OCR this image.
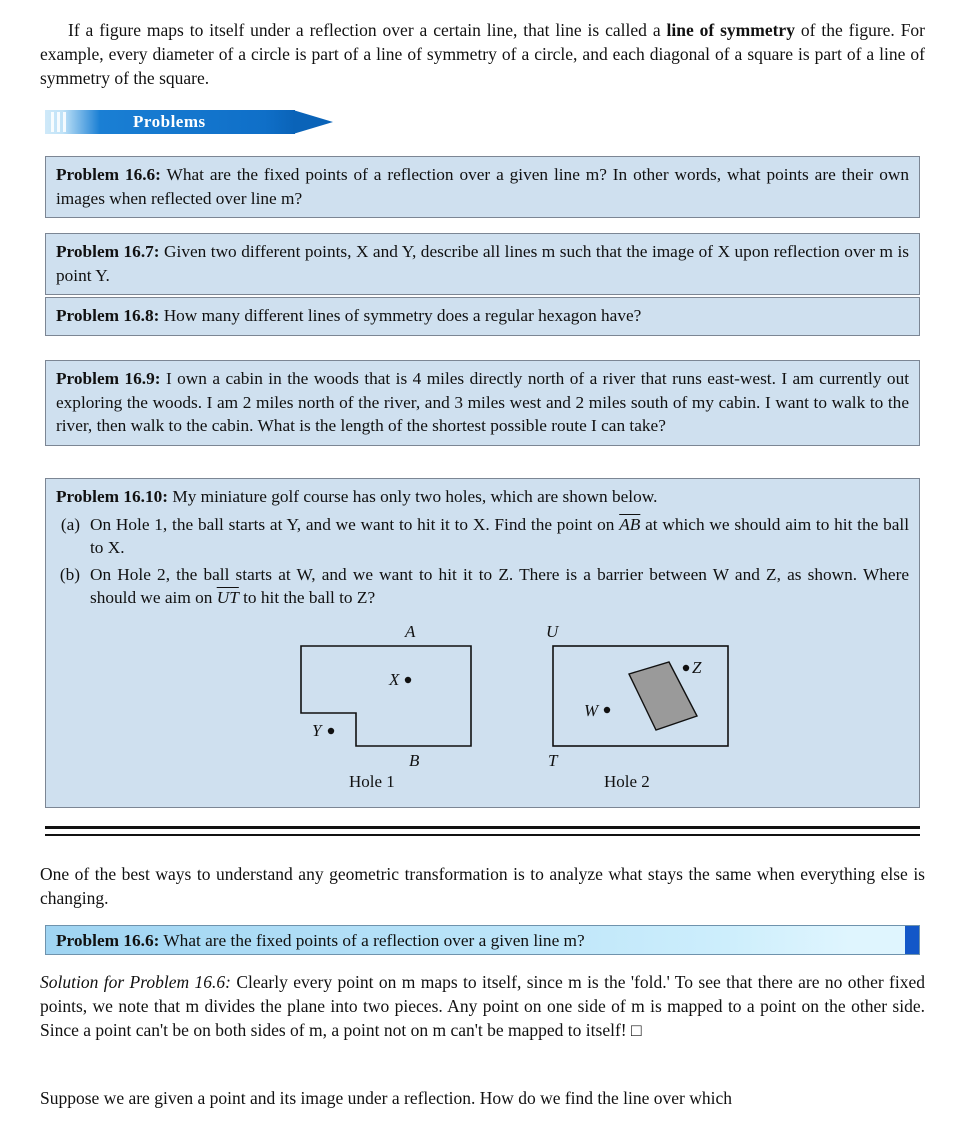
If a figure maps to itself under a reflection over a certain line, that line is called a line of symmetry of the figure. For example, every diameter of a circle is part of a line of symmetry of a circle, and each diagonal of a square is part of a line of symmetry of the square.
Problems
Problem 16.6: What are the fixed points of a reflection over a given line m? In other words, what points are their own images when reflected over line m?
Problem 16.7: Given two different points, X and Y, describe all lines m such that the image of X upon reflection over m is point Y.
Problem 16.8: How many different lines of symmetry does a regular hexagon have?
Problem 16.9: I own a cabin in the woods that is 4 miles directly north of a river that runs east-west. I am currently out exploring the woods. I am 2 miles north of the river, and 3 miles west and 2 miles south of my cabin. I want to walk to the river, then walk to the cabin. What is the length of the shortest possible route I can take?
Problem 16.10: My miniature golf course has only two holes, which are shown below.
(a) On Hole 1, the ball starts at Y, and we want to hit it to X. Find the point on $\overline{AB}$ at which we should aim to hit the ball to X.
(b) On Hole 2, the ball starts at W, and we want to hit it to Z. There is a barrier between W and Z, as shown. Where should we aim on $\overline{UT}$ to hit the ball to Z?
A
B
X
Y
Hole 1
U
T
Z
W
Hole 2
One of the best ways to understand any geometric transformation is to analyze what stays the same when everything else is changing.
Problem 16.6: What are the fixed points of a reflection over a given line m?
Solution for Problem 16.6: Clearly every point on m maps to itself, since m is the 'fold.' To see that there are no other fixed points, we note that m divides the plane into two pieces. Any point on one side of m is mapped to a point on the other side. Since a point can't be on both sides of m, a point not on m can't be mapped to itself! □
Suppose we are given a point and its image under a reflection. How do we find the line over which
